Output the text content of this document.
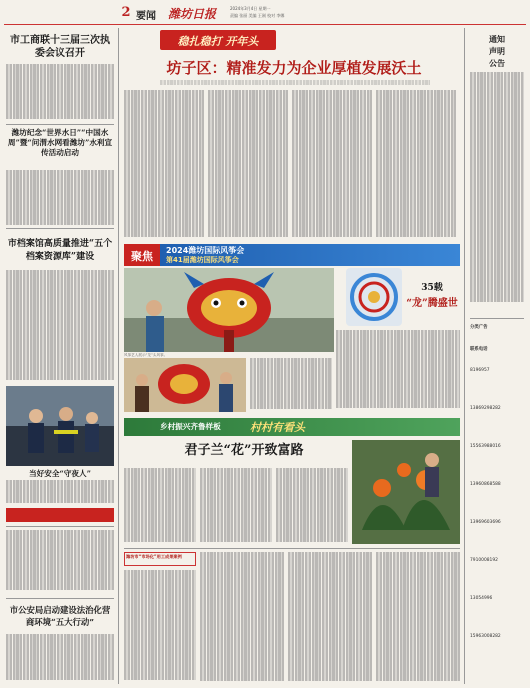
2 要闻 潍坊日报	2024年3月4日 星期一
责编 张丽 美编 王刚 校对 李娜
市工商联十三届三次执委会议召开
潍坊纪念“世界水日”“中国水周”暨“问渭水网看潍坊”水利宣传活动启动
市档案馆高质量推进“五个档案资源库”建设
当好安全“守夜人”
市公安局启动建设法治化营商环境“五大行动”
稳扎稳打 开年头
坊子区：精准发力为企业厚植发展沃土
聚焦	2024潍坊国际风筝会
第41届潍坊国际风筝会
风筝艺人展示“龙”头风筝。
35载
“龙”腾盛世
乡村振兴齐鲁样板	村村有看头
君子兰“花”开致富路
潍坊市“市场化”用工成果案例
通知
声明
公告
分类广告
联系电话
8196957
13869298282
15563988016
13960868588
13969603696
7910008192
13054996
15963008282
